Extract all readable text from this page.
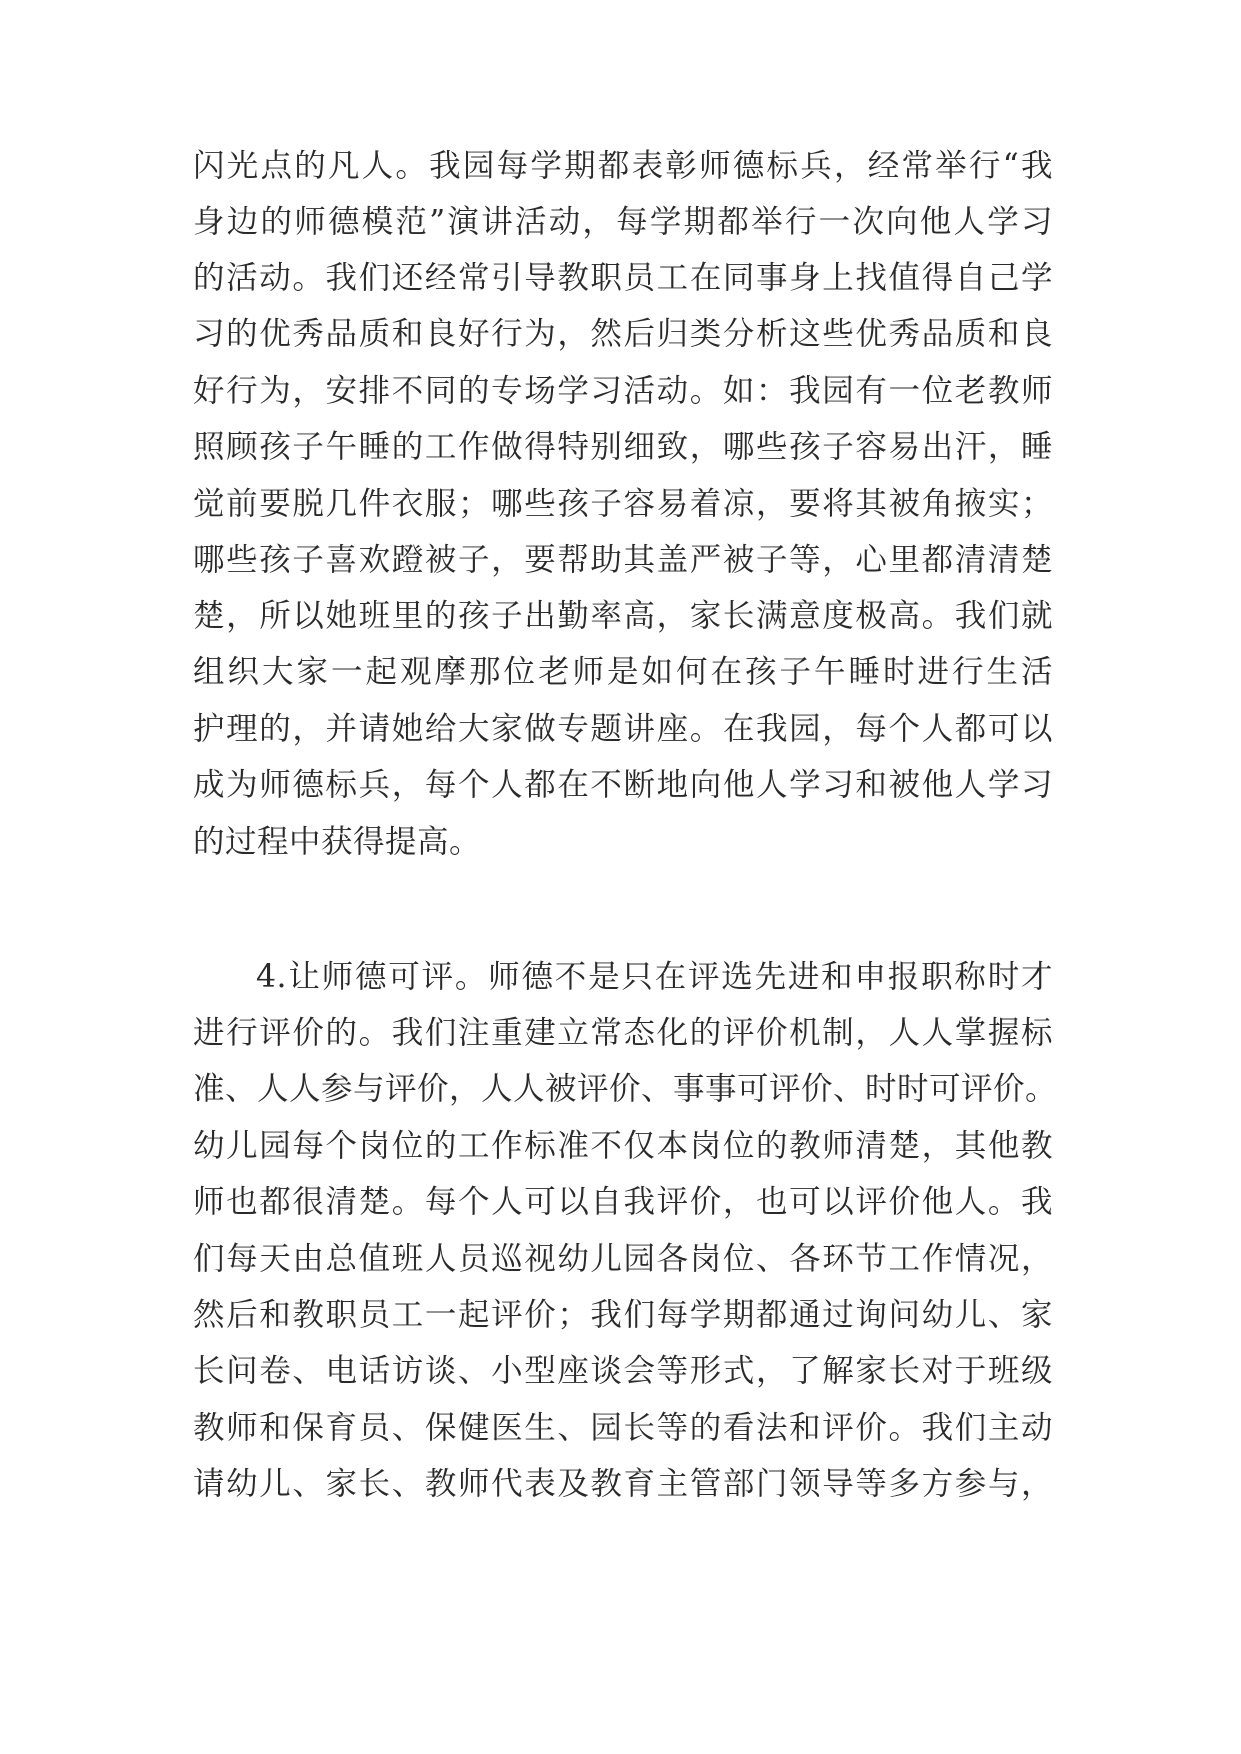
闪光点的凡人。我园每学期都表彰师德标兵，经常举行“我
身边的师德模范”演讲活动，每学期都举行一次向他人学习
的活动。我们还经常引导教职员工在同事身上找值得自己学
习的优秀品质和良好行为，然后归类分析这些优秀品质和良
好行为，安排不同的专场学习活动。如：我园有一位老教师
照顾孩子午睡的工作做得特别细致，哪些孩子容易出汗，睡
觉前要脱几件衣服；哪些孩子容易着凉，要将其被角掖实；
哪些孩子喜欢蹬被子，要帮助其盖严被子等，心里都清清楚
楚，所以她班里的孩子出勤率高，家长满意度极高。我们就
组织大家一起观摩那位老师是如何在孩子午睡时进行生活
护理的，并请她给大家做专题讲座。在我园，每个人都可以
成为师德标兵，每个人都在不断地向他人学习和被他人学习
的过程中获得提高。
4.让师德可评。师德不是只在评选先进和申报职称时才
进行评价的。我们注重建立常态化的评价机制，人人掌握标
准、人人参与评价，人人被评价、事事可评价、时时可评价。
幼儿园每个岗位的工作标准不仅本岗位的教师清楚，其他教
师也都很清楚。每个人可以自我评价，也可以评价他人。我
们每天由总值班人员巡视幼儿园各岗位、各环节工作情况，
然后和教职员工一起评价；我们每学期都通过询问幼儿、家
长问卷、电话访谈、小型座谈会等形式，了解家长对于班级
教师和保育员、保健医生、园长等的看法和评价。我们主动
请幼儿、家长、教师代表及教育主管部门领导等多方参与，
